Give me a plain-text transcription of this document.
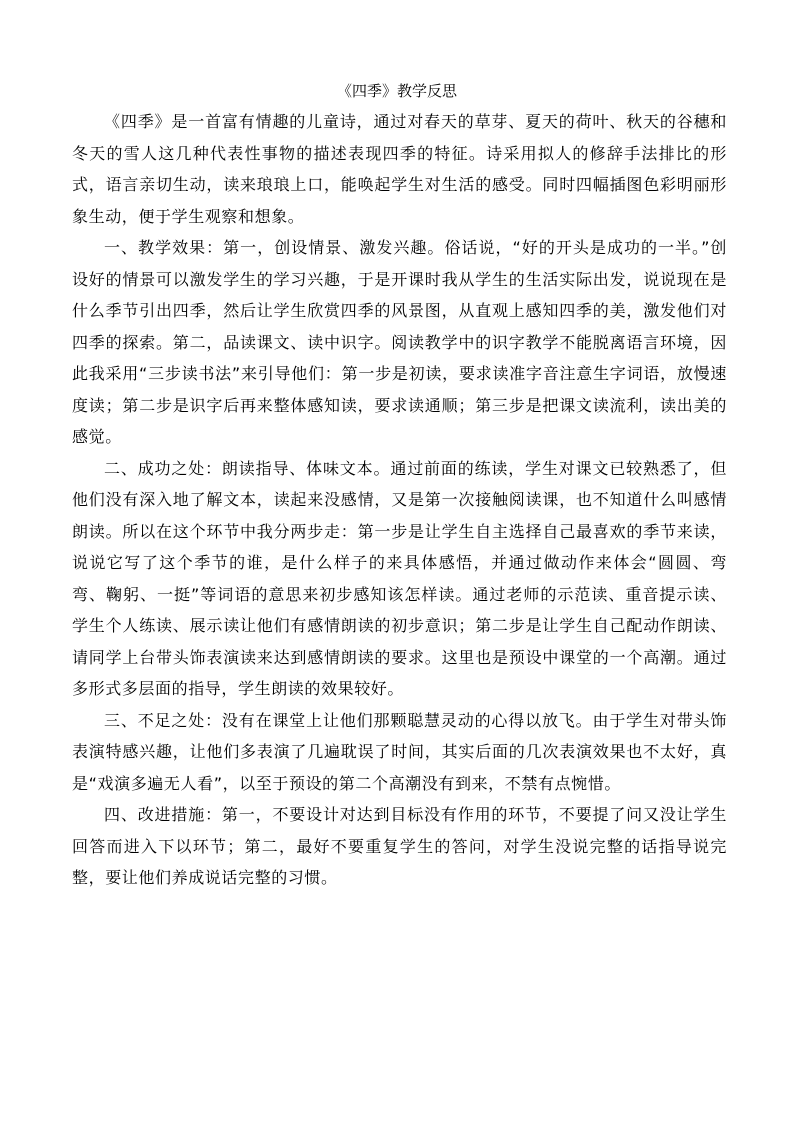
《四季》教学反思

《四季》是一首富有情趣的儿童诗，通过对春天的草芽、夏天的荷叶、秋天的谷穗和冬天的雪人这几种代表性事物的描述表现四季的特征。诗采用拟人的修辞手法排比的形式，语言亲切生动，读来琅琅上口，能唤起学生对生活的感受。同时四幅插图色彩明丽形象生动，便于学生观察和想象。

一、教学效果：第一，创设情景、激发兴趣。俗话说，“好的开头是成功的一半。”创设好的情景可以激发学生的学习兴趣，于是开课时我从学生的生活实际出发，说说现在是什么季节引出四季，然后让学生欣赏四季的风景图，从直观上感知四季的美，激发他们对四季的探索。第二，品读课文、读中识字。阅读教学中的识字教学不能脱离语言环境，因此我采用“三步读书法”来引导他们：第一步是初读，要求读准字音注意生字词语，放慢速度读；第二步是识字后再来整体感知读，要求读通顺；第三步是把课文读流利，读出美的感觉。

二、成功之处：朗读指导、体味文本。通过前面的练读，学生对课文已较熟悉了，但他们没有深入地了解文本，读起来没感情，又是第一次接触阅读课，也不知道什么叫感情朗读。所以在这个环节中我分两步走：第一步是让学生自主选择自己最喜欢的季节来读，说说它写了这个季节的谁，是什么样子的来具体感悟，并通过做动作来体会“圆圆、弯弯、鞠躬、一挺”等词语的意思来初步感知该怎样读。通过老师的示范读、重音提示读、学生个人练读、展示读让他们有感情朗读的初步意识；第二步是让学生自己配动作朗读、请同学上台带头饰表演读来达到感情朗读的要求。这里也是预设中课堂的一个高潮。通过多形式多层面的指导，学生朗读的效果较好。

三、不足之处：没有在课堂上让他们那颗聪慧灵动的心得以放飞。由于学生对带头饰表演特感兴趣，让他们多表演了几遍耽误了时间，其实后面的几次表演效果也不太好，真是“戏演多遍无人看”，以至于预设的第二个高潮没有到来，不禁有点惋惜。

四、改进措施：第一，不要设计对达到目标没有作用的环节，不要提了问又没让学生回答而进入下以环节；第二，最好不要重复学生的答问，对学生没说完整的话指导说完整，要让他们养成说话完整的习惯。
